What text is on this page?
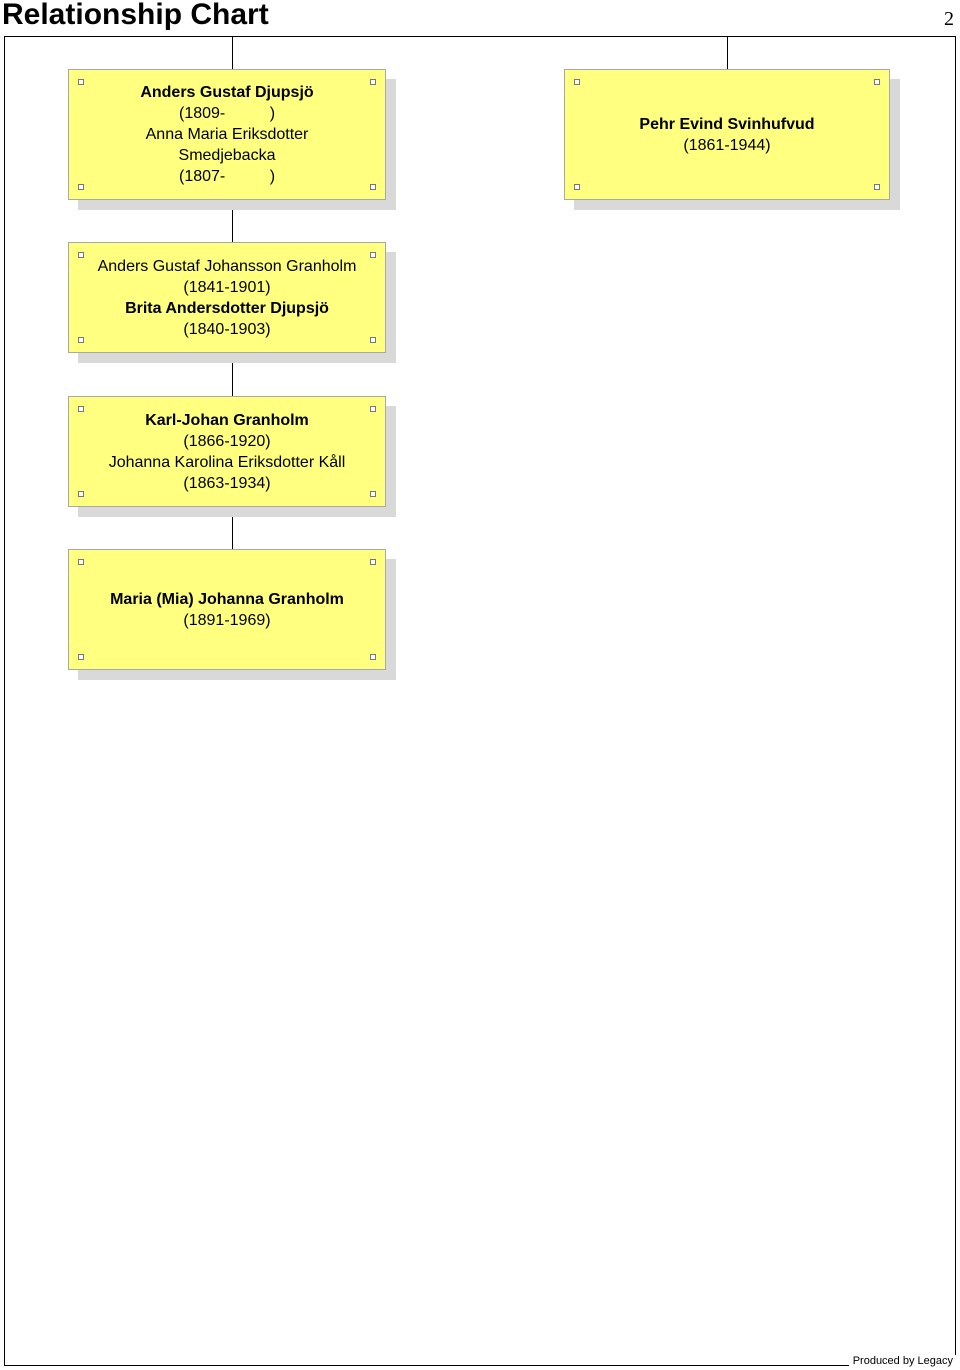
Relationship Chart	2
Anders Gustaf Djupsjö
(1809-          )
Anna Maria Eriksdotter
Smedjebacka
(1807-          )
Pehr Evind Svinhufvud
(1861-1944)
Anders Gustaf Johansson Granholm
(1841-1901)
Brita Andersdotter Djupsjö
(1840-1903)
Karl-Johan Granholm
(1866-1920)
Johanna Karolina Eriksdotter Kåll
(1863-1934)
Maria (Mia) Johanna Granholm
(1891-1969)
Produced by Legacy
